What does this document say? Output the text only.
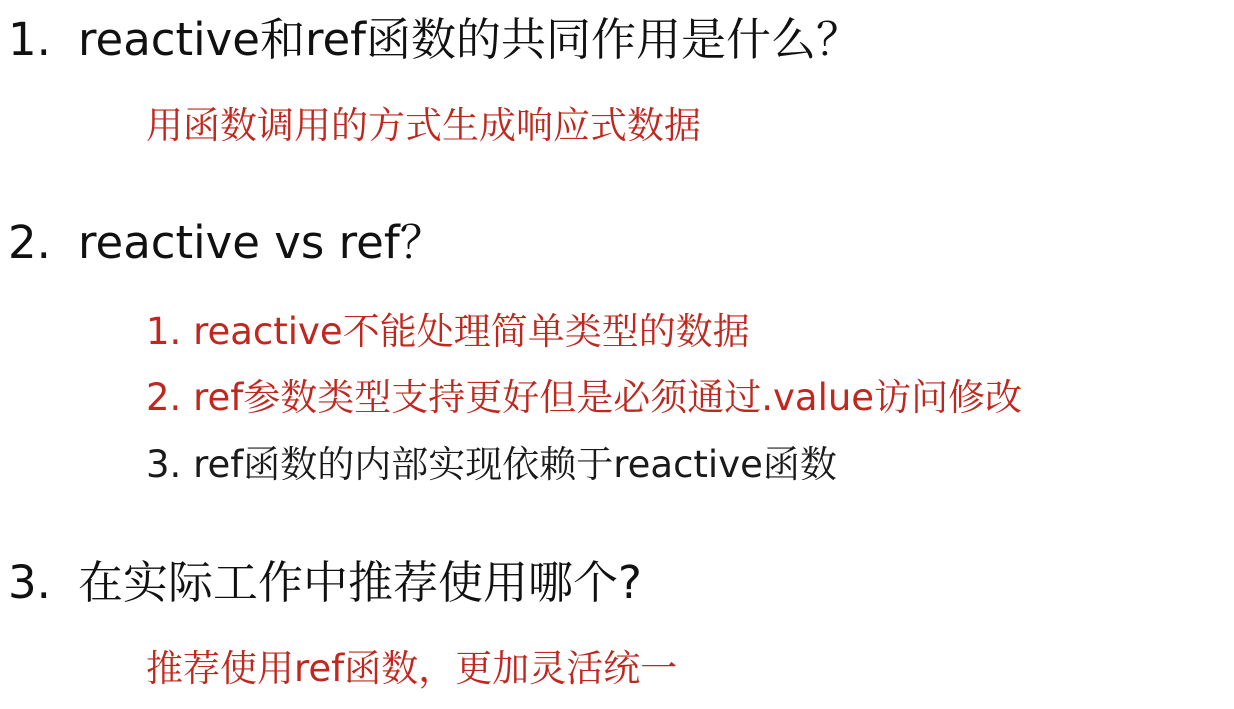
1. reactive和ref函数的共同作用是什么？
用函数调用的方式生成响应式数据
2. reactive vs ref？
1. reactive不能处理简单类型的数据
2. ref参数类型支持更好但是必须通过.value访问修改
3. ref函数的内部实现依赖于reactive函数
3. 在实际工作中推荐使用哪个?
推荐使用ref函数，更加灵活统一
